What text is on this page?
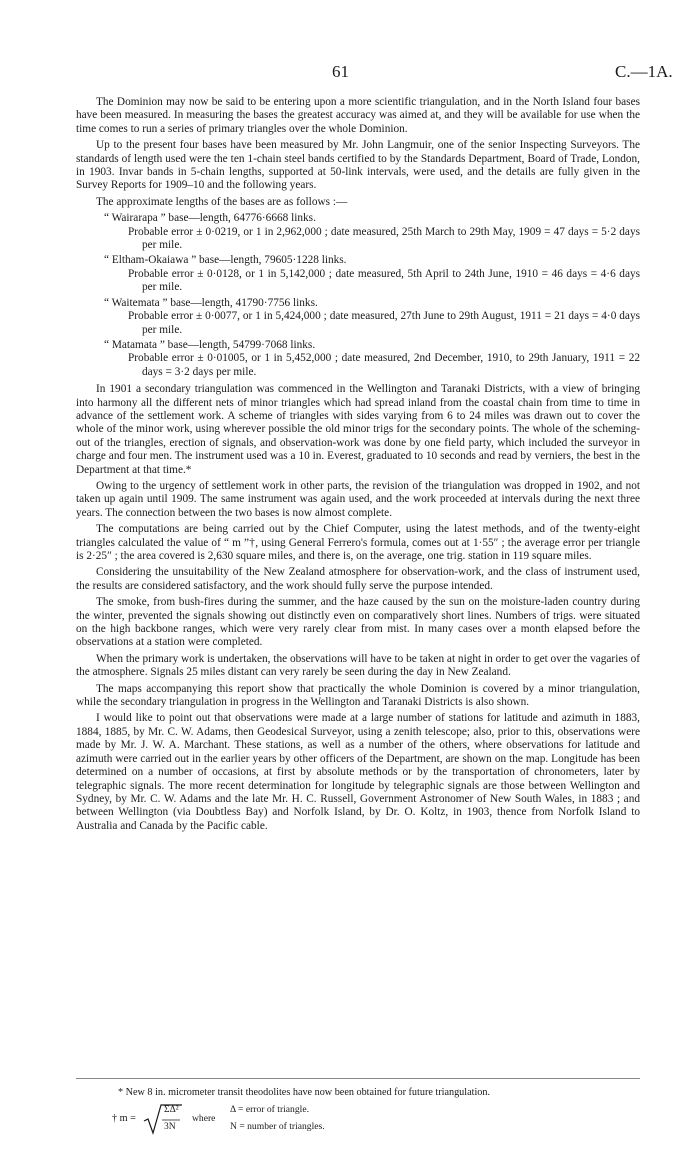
61	C.—1A.

The Dominion may now be said to be entering upon a more scientific triangulation, and in the North Island four bases have been measured. In measuring the bases the greatest accuracy was aimed at, and they will be available for use when the time comes to run a series of primary triangles over the whole Dominion.

Up to the present four bases have been measured by Mr. John Langmuir, one of the senior Inspecting Surveyors. The standards of length used were the ten 1-chain steel bands certified to by the Standards Department, Board of Trade, London, in 1903. Invar bands in 5-chain lengths, supported at 50-link intervals, were used, and the details are fully given in the Survey Reports for 1909–10 and the following years.

The approximate lengths of the bases are as follows :—
“ Wairarapa ” base—length, 64776·6668 links.
Probable error ± 0·0219, or 1 in 2,962,000 ; date measured, 25th March to 29th May, 1909 = 47 days = 5·2 days per mile.
“ Eltham-Okaiawa ” base—length, 79605·1228 links.
Probable error ± 0·0128, or 1 in 5,142,000 ; date measured, 5th April to 24th June, 1910 = 46 days = 4·6 days per mile.
“ Waitemata ” base—length, 41790·7756 links.
Probable error ± 0·0077, or 1 in 5,424,000 ; date measured, 27th June to 29th August, 1911 = 21 days = 4·0 days per mile.
“ Matamata ” base—length, 54799·7068 links.
Probable error ± 0·01005, or 1 in 5,452,000 ; date measured, 2nd December, 1910, to 29th January, 1911 = 22 days = 3·2 days per mile.

In 1901 a secondary triangulation was commenced in the Wellington and Taranaki Districts, with a view of bringing into harmony all the different nets of minor triangles which had spread inland from the coastal chain from time to time in advance of the settlement work. A scheme of triangles with sides varying from 6 to 24 miles was drawn out to cover the whole of the minor work, using wherever possible the old minor trigs for the secondary points. The whole of the scheming-out of the triangles, erection of signals, and observation-work was done by one field party, which included the surveyor in charge and four men. The instrument used was a 10 in. Everest, graduated to 10 seconds and read by verniers, the best in the Department at that time.*

Owing to the urgency of settlement work in other parts, the revision of the triangulation was dropped in 1902, and not taken up again until 1909. The same instrument was again used, and the work proceeded at intervals during the next three years. The connection between the two bases is now almost complete.

The computations are being carried out by the Chief Computer, using the latest methods, and of the twenty-eight triangles calculated the value of “ m ”†, using General Ferrero's formula, comes out at 1·55″ ; the average error per triangle is 2·25″ ; the area covered is 2,630 square miles, and there is, on the average, one trig. station in 119 square miles.

Considering the unsuitability of the New Zealand atmosphere for observation-work, and the class of instrument used, the results are considered satisfactory, and the work should fully serve the purpose intended.

The smoke, from bush-fires during the summer, and the haze caused by the sun on the moisture-laden country during the winter, prevented the signals showing out distinctly even on comparatively short lines. Numbers of trigs. were situated on the high backbone ranges, which were very rarely clear from mist. In many cases over a month elapsed before the observations at a station were completed.

When the primary work is undertaken, the observations will have to be taken at night in order to get over the vagaries of the atmosphere. Signals 25 miles distant can very rarely be seen during the day in New Zealand.

The maps accompanying this report show that practically the whole Dominion is covered by a minor triangulation, while the secondary triangulation in progress in the Wellington and Taranaki Districts is also shown.

I would like to point out that observations were made at a large number of stations for latitude and azimuth in 1883, 1884, 1885, by Mr. C. W. Adams, then Geodesical Surveyor, using a zenith telescope; also, prior to this, observations were made by Mr. J. W. A. Marchant. These stations, as well as a number of the others, where observations for latitude and azimuth were carried out in the earlier years by other officers of the Department, are shown on the map. Longitude has been determined on a number of occasions, at first by absolute methods or by the transportation of chronometers, later by telegraphic signals. The more recent determination for longitude by telegraphic signals are those between Wellington and Sydney, by Mr. C. W. Adams and the late Mr. H. C. Russell, Government Astronomer of New South Wales, in 1883 ; and between Wellington (via Doubtless Bay) and Norfolk Island, by Dr. O. Koltz, in 1903, thence from Norfolk Island to Australia and Canada by the Pacific cable.

* New 8 in. micrometer transit theodolites have now been obtained for future triangulation.
† m =
ΣΔ²
3N
where
Δ = error of triangle.
N = number of triangles.
